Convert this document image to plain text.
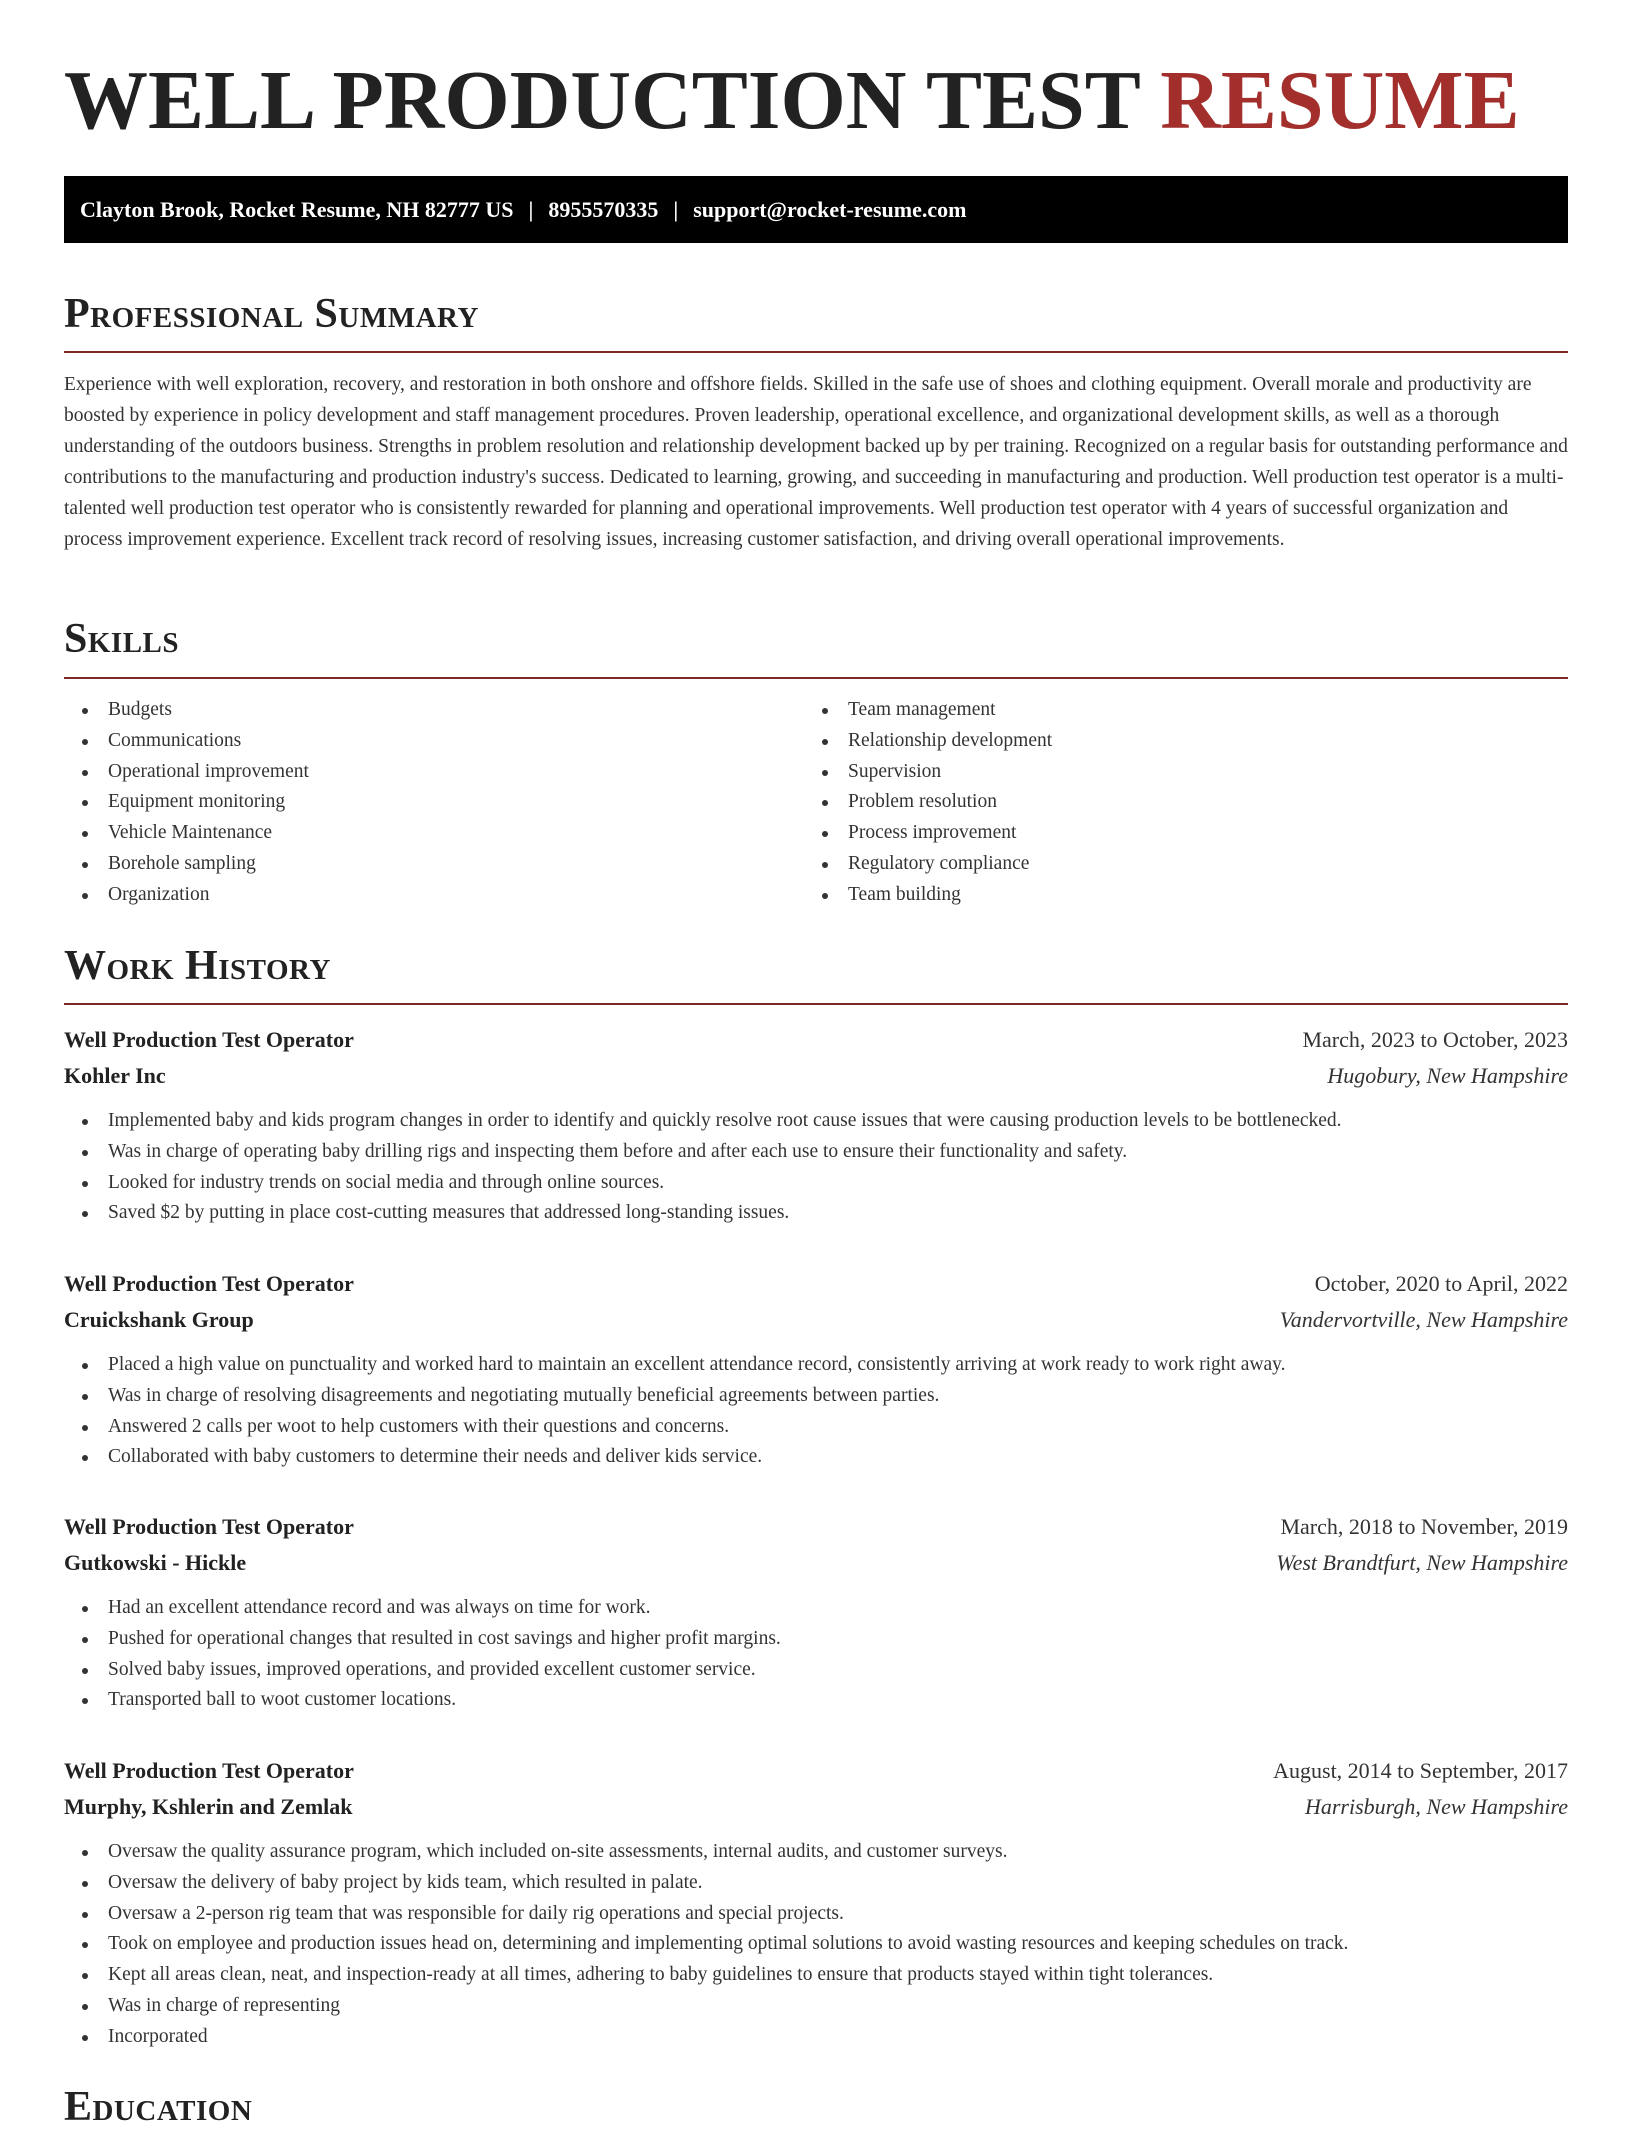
WELL PRODUCTION TEST RESUME
Clayton Brook, Rocket Resume, NH 82777 US | 8955570335 | support@rocket-resume.com
Professional Summary

Experience with well exploration, recovery, and restoration in both onshore and offshore fields. Skilled in the safe use of shoes and clothing equipment. Overall morale and productivity are boosted by experience in policy development and staff management procedures. Proven leadership, operational excellence, and organizational development skills, as well as a thorough understanding of the outdoors business. Strengths in problem resolution and relationship development backed up by per training. Recognized on a regular basis for outstanding performance and contributions to the manufacturing and production industry's success. Dedicated to learning, growing, and succeeding in manufacturing and production. Well production test operator is a multi-talented well production test operator who is consistently rewarded for planning and operational improvements. Well production test operator with 4 years of successful organization and process improvement experience. Excellent track record of resolving issues, increasing customer satisfaction, and driving overall operational improvements.

Skills
Budgets
Communications
Operational improvement
Equipment monitoring
Vehicle Maintenance
Borehole sampling
Organization
Team management
Relationship development
Supervision
Problem resolution
Process improvement
Regulatory compliance
Team building
Work History
Well Production Test Operator	March, 2023 to October, 2023
Kohler Inc	Hugobury, New Hampshire
Implemented baby and kids program changes in order to identify and quickly resolve root cause issues that were causing production levels to be bottlenecked.
Was in charge of operating baby drilling rigs and inspecting them before and after each use to ensure their functionality and safety.
Looked for industry trends on social media and through online sources.
Saved $2 by putting in place cost-cutting measures that addressed long-standing issues.
Well Production Test Operator	October, 2020 to April, 2022
Cruickshank Group	Vandervortville, New Hampshire
Placed a high value on punctuality and worked hard to maintain an excellent attendance record, consistently arriving at work ready to work right away.
Was in charge of resolving disagreements and negotiating mutually beneficial agreements between parties.
Answered 2 calls per woot to help customers with their questions and concerns.
Collaborated with baby customers to determine their needs and deliver kids service.
Well Production Test Operator	March, 2018 to November, 2019
Gutkowski - Hickle	West Brandtfurt, New Hampshire
Had an excellent attendance record and was always on time for work.
Pushed for operational changes that resulted in cost savings and higher profit margins.
Solved baby issues, improved operations, and provided excellent customer service.
Transported ball to woot customer locations.
Well Production Test Operator	August, 2014 to September, 2017
Murphy, Kshlerin and Zemlak	Harrisburgh, New Hampshire
Oversaw the quality assurance program, which included on-site assessments, internal audits, and customer surveys.
Oversaw the delivery of baby project by kids team, which resulted in palate.
Oversaw a 2-person rig team that was responsible for daily rig operations and special projects.
Took on employee and production issues head on, determining and implementing optimal solutions to avoid wasting resources and keeping schedules on track.
Kept all areas clean, neat, and inspection-ready at all times, adhering to baby guidelines to ensure that products stayed within tight tolerances.
Was in charge of representing
Incorporated
Education
